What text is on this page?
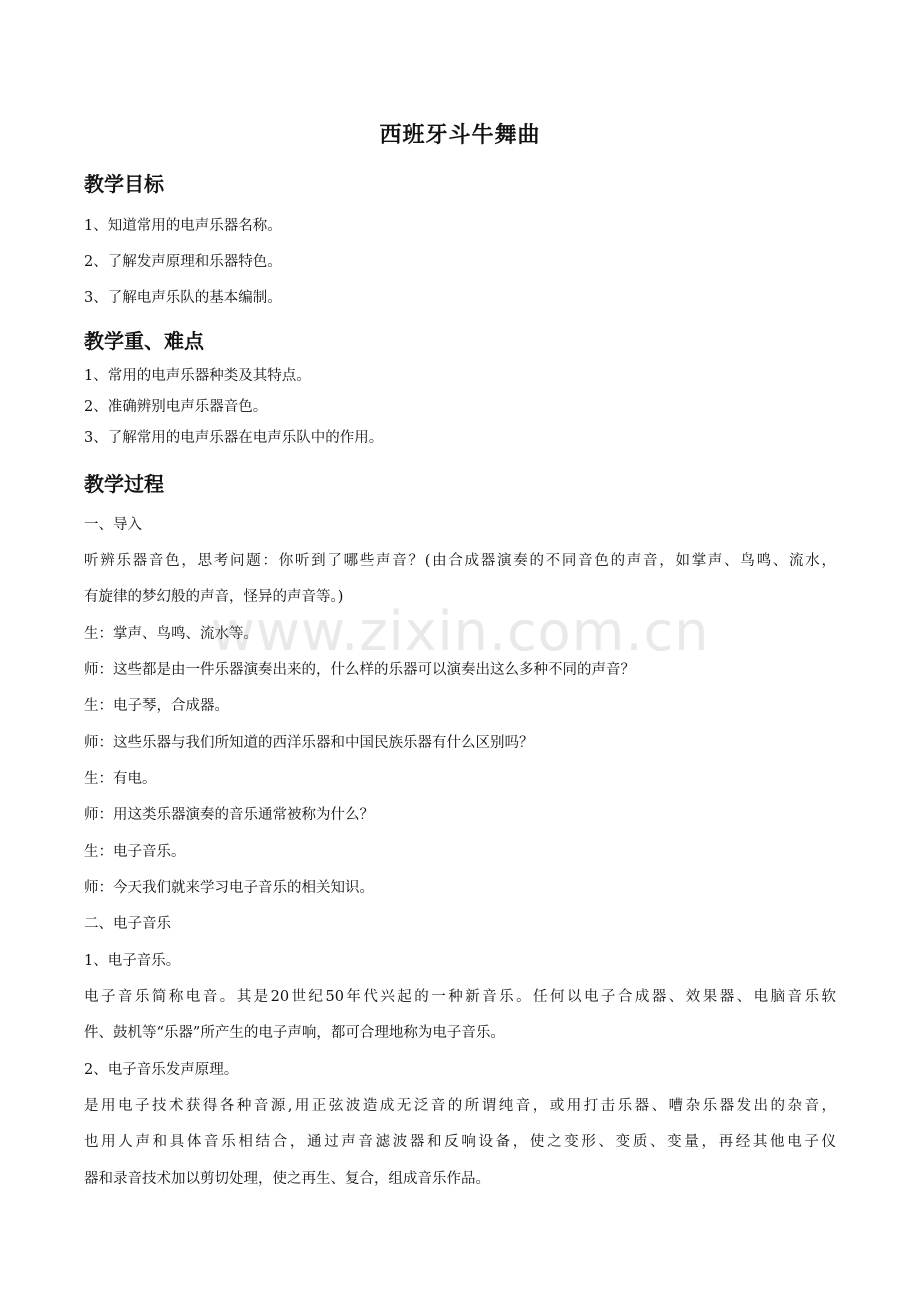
西班牙斗牛舞曲
教学目标
1、知道常用的电声乐器名称。
2、了解发声原理和乐器特色。
3、了解电声乐队的基本编制。
教学重、难点
1、常用的电声乐器种类及其特点。
2、准确辨别电声乐器音色。
3、了解常用的电声乐器在电声乐队中的作用。
教学过程
一、导入
听辨乐器音色，思考问题：你听到了哪些声音？(由合成器演奏的不同音色的声音，如掌声、鸟鸣、流水，
有旋律的梦幻般的声音，怪异的声音等。)
生：掌声、鸟鸣、流水等。
师：这些都是由一件乐器演奏出来的，什么样的乐器可以演奏出这么多种不同的声音？
生：电子琴，合成器。
师：这些乐器与我们所知道的西洋乐器和中国民族乐器有什么区别吗？
生：有电。
师：用这类乐器演奏的音乐通常被称为什么？
生：电子音乐。
师：今天我们就来学习电子音乐的相关知识。
二、电子音乐
1、电子音乐。
电子音乐简称电音。其是20世纪50年代兴起的一种新音乐。任何以电子合成器、效果器、电脑音乐软
件、鼓机等“乐器”所产生的电子声响，都可合理地称为电子音乐。
2、电子音乐发声原理。
是用电子技术获得各种音源,用正弦波造成无泛音的所谓纯音，或用打击乐器、嘈杂乐器发出的杂音，
也用人声和具体音乐相结合，通过声音滤波器和反响设备，使之变形、变质、变量，再经其他电子仪
器和录音技术加以剪切处理，使之再生、复合，组成音乐作品。
www.zixin.com.cn
